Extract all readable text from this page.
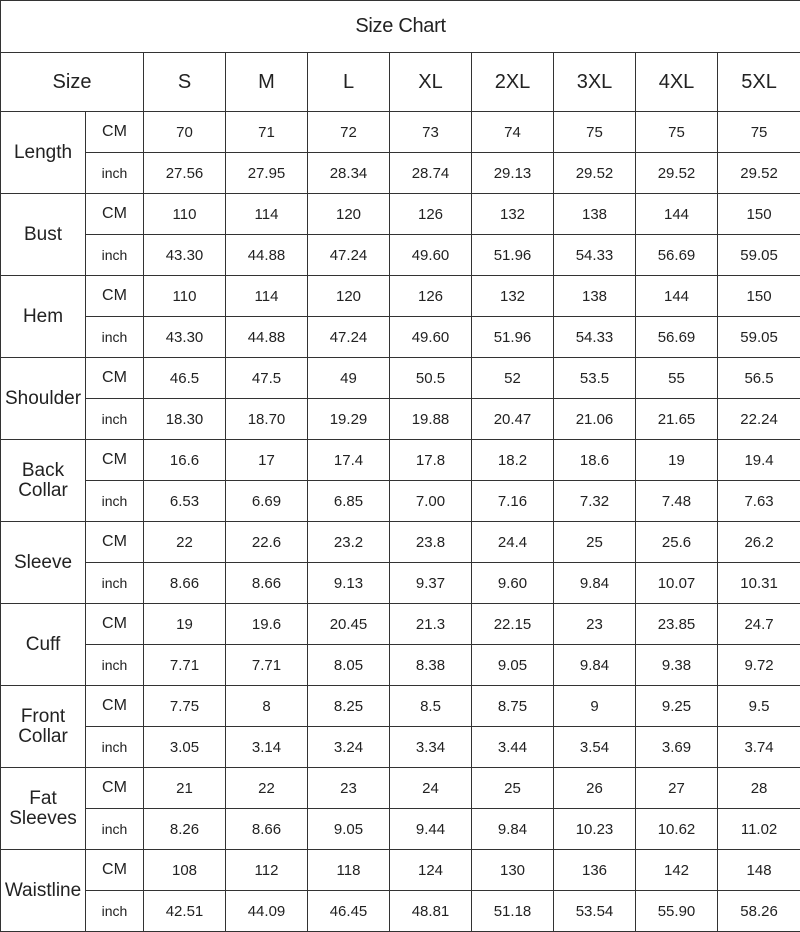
Size Chart									
Size		S	M	L	XL	2XL	3XL	4XL	5XL
Length	CM	70	71	72	73	74	75	75	75
	inch	27.56	27.95	28.34	28.74	29.13	29.52	29.52	29.52
Bust	CM	110	114	120	126	132	138	144	150
	inch	43.30	44.88	47.24	49.60	51.96	54.33	56.69	59.05
Hem	CM	110	114	120	126	132	138	144	150
	inch	43.30	44.88	47.24	49.60	51.96	54.33	56.69	59.05
Shoulder	CM	46.5	47.5	49	50.5	52	53.5	55	56.5
	inch	18.30	18.70	19.29	19.88	20.47	21.06	21.65	22.24
Back Collar	CM	16.6	17	17.4	17.8	18.2	18.6	19	19.4
	inch	6.53	6.69	6.85	7.00	7.16	7.32	7.48	7.63
Sleeve	CM	22	22.6	23.2	23.8	24.4	25	25.6	26.2
	inch	8.66	8.66	9.13	9.37	9.60	9.84	10.07	10.31
Cuff	CM	19	19.6	20.45	21.3	22.15	23	23.85	24.7
	inch	7.71	7.71	8.05	8.38	9.05	9.84	9.38	9.72
Front Collar	CM	7.75	8	8.25	8.5	8.75	9	9.25	9.5
	inch	3.05	3.14	3.24	3.34	3.44	3.54	3.69	3.74
Fat Sleeves	CM	21	22	23	24	25	26	27	28
	inch	8.26	8.66	9.05	9.44	9.84	10.23	10.62	11.02
Waistline	CM	108	112	118	124	130	136	142	148
	inch	42.51	44.09	46.45	48.81	51.18	53.54	55.90	58.26
